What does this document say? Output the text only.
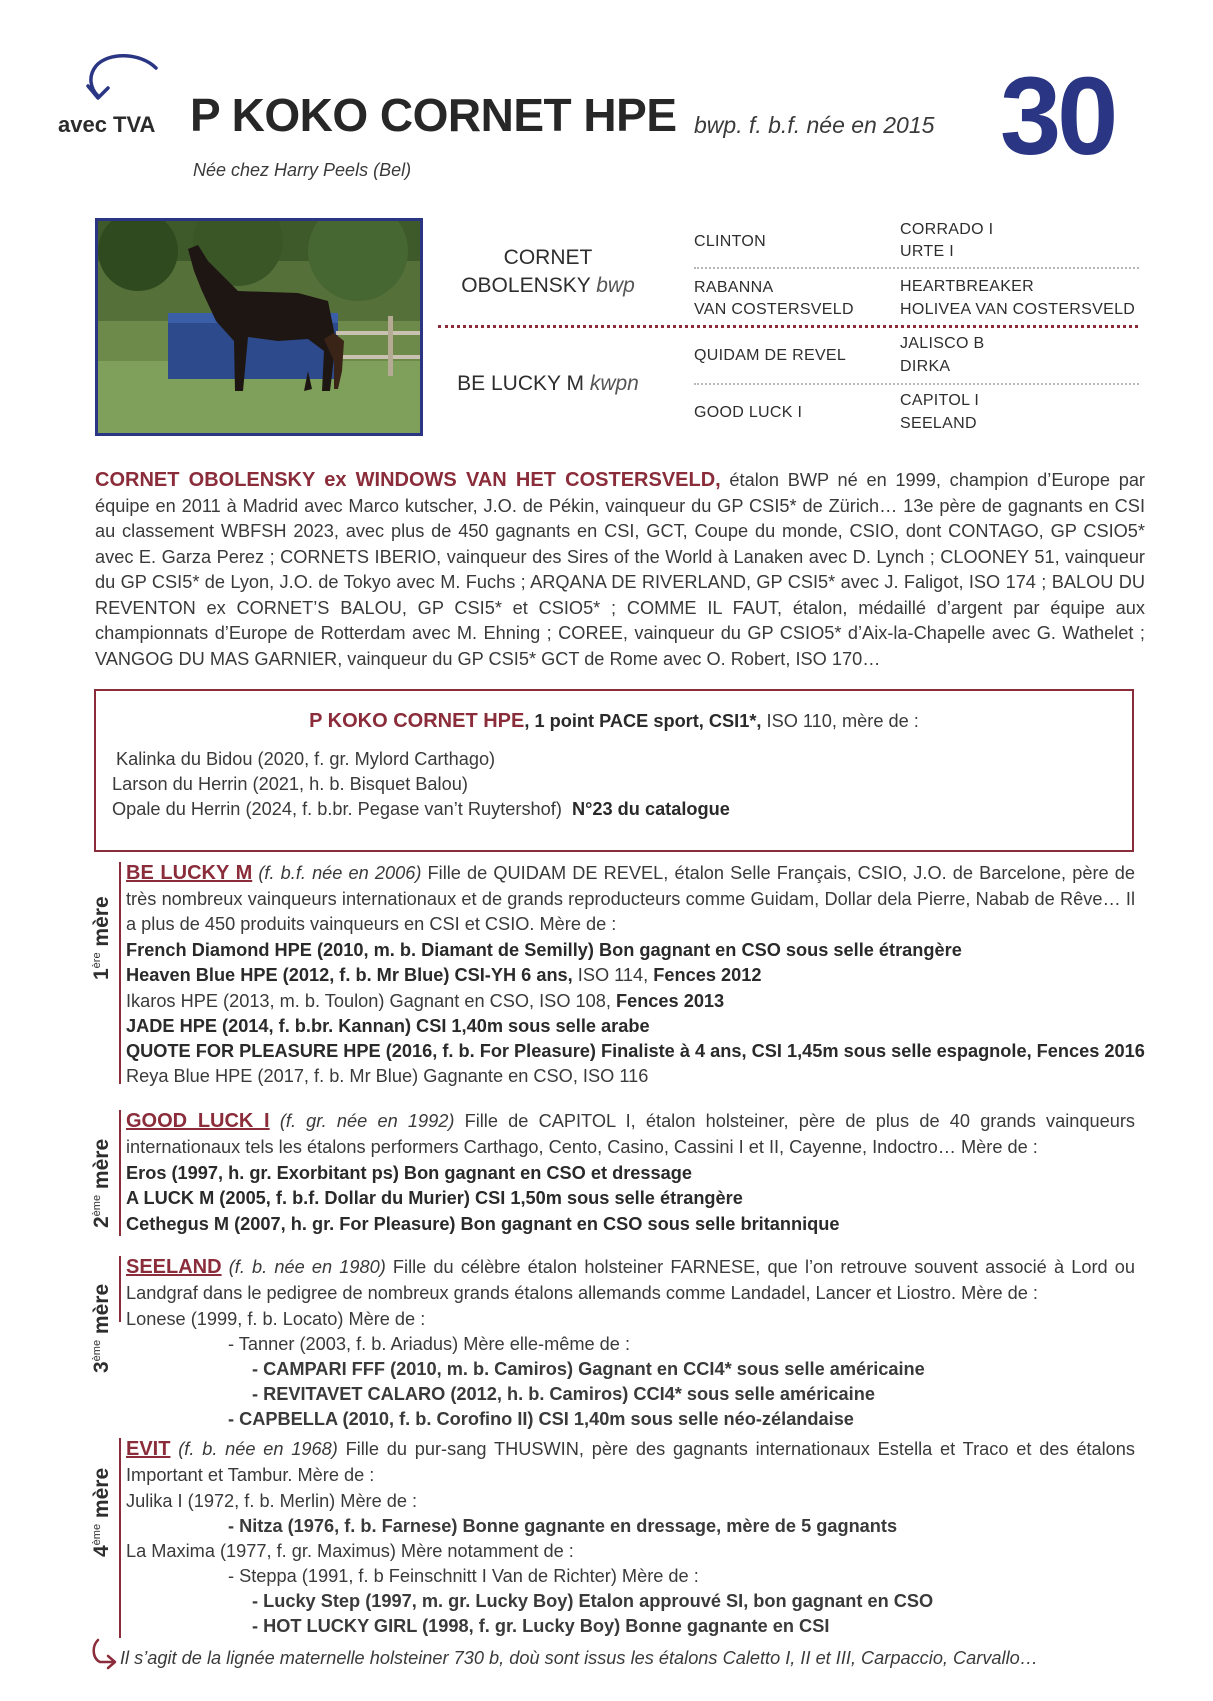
avec TVA P KOKO CORNET HPE bwp. f. b.f. née en 2015 30
Née chez Harry Peels (Bel)
CORNET
OBOLENSKY bwp
BE LUCKY M kwpn
CLINTON
RABANNA
VAN COSTERSVELD
QUIDAM DE REVEL
GOOD LUCK I
CORRADO I
URTE I
HEARTBREAKER
HOLIVEA VAN COSTERSVELD
JALISCO B
DIRKA
CAPITOL I
SEELAND
CORNET OBOLENSKY ex WINDOWS VAN HET COSTERSVELD, étalon BWP né en 1999, champion d’Europe par équipe en 2011 à Madrid avec Marco kutscher, J.O. de Pékin, vainqueur du GP CSI5* de Zürich… 13e père de gagnants en CSI au classement WBFSH 2023, avec plus de 450 gagnants en CSI, GCT, Coupe du monde, CSIO, dont CONTAGO, GP CSIO5* avec E. Garza Perez ; CORNETS IBERIO, vainqueur des Sires of the World à Lanaken avec D. Lynch ; CLOONEY 51, vainqueur du GP CSI5* de Lyon, J.O. de Tokyo avec M. Fuchs ; ARQANA DE RIVERLAND, GP CSI5* avec J. Faligot, ISO 174 ; BALOU DU REVENTON ex CORNET’S BALOU, GP CSI5* et CSIO5* ; COMME IL FAUT, étalon, médaillé d’argent par équipe aux championnats d’Europe de Rotterdam avec M. Ehning ; COREE, vainqueur du GP CSIO5* d’Aix-la-Chapelle avec G. Wathelet ; VANGOG DU MAS GARNIER, vainqueur du GP CSI5* GCT de Rome avec O. Robert, ISO 170…
P KOKO CORNET HPE, 1 point PACE sport, CSI1*, ISO 110, mère de :
Kalinka du Bidou (2020, f. gr. Mylord Carthago)
Larson du Herrin (2021, h. b. Bisquet Balou)
Opale du Herrin (2024, f. b.br. Pegase van’t Ruytershof) N°23 du catalogue
1ère mère
BE LUCKY M (f. b.f. née en 2006) Fille de QUIDAM DE REVEL, étalon Selle Français, CSIO, J.O. de Barcelone, père de très nombreux vainqueurs internationaux et de grands reproducteurs comme Guidam, Dollar dela Pierre, Nabab de Rêve… Il a plus de 450 produits vainqueurs en CSI et CSIO. Mère de :
French Diamond HPE (2010, m. b. Diamant de Semilly) Bon gagnant en CSO sous selle étrangère
Heaven Blue HPE (2012, f. b. Mr Blue) CSI-YH 6 ans, ISO 114, Fences 2012
Ikaros HPE (2013, m. b. Toulon) Gagnant en CSO, ISO 108, Fences 2013
JADE HPE (2014, f. b.br. Kannan) CSI 1,40m sous selle arabe
QUOTE FOR PLEASURE HPE (2016, f. b. For Pleasure) Finaliste à 4 ans, CSI 1,45m sous selle espagnole, Fences 2016
Reya Blue HPE (2017, f. b. Mr Blue) Gagnante en CSO, ISO 116
2ème mère
GOOD LUCK I (f. gr. née en 1992) Fille de CAPITOL I, étalon holsteiner, père de plus de 40 grands vainqueurs internationaux tels les étalons performers Carthago, Cento, Casino, Cassini I et II, Cayenne, Indoctro… Mère de :
Eros (1997, h. gr. Exorbitant ps) Bon gagnant en CSO et dressage
A LUCK M (2005, f. b.f. Dollar du Murier) CSI 1,50m sous selle étrangère
Cethegus M (2007, h. gr. For Pleasure) Bon gagnant en CSO sous selle britannique
3ème mère
SEELAND (f. b. née en 1980) Fille du célèbre étalon holsteiner FARNESE, que l’on retrouve souvent associé à Lord ou Landgraf dans le pedigree de nombreux grands étalons allemands comme Landadel, Lancer et Liostro. Mère de :
Lonese (1999, f. b. Locato) Mère de :
- Tanner (2003, f. b. Ariadus) Mère elle-même de :
- CAMPARI FFF (2010, m. b. Camiros) Gagnant en CCI4* sous selle américaine
- REVITAVET CALARO (2012, h. b. Camiros) CCI4* sous selle américaine
- CAPBELLA (2010, f. b. Corofino II) CSI 1,40m sous selle néo-zélandaise
4ème mère
EVIT (f. b. née en 1968) Fille du pur-sang THUSWIN, père des gagnants internationaux Estella et Traco et des étalons Important et Tambur. Mère de :
Julika I (1972, f. b. Merlin) Mère de :
- Nitza (1976, f. b. Farnese) Bonne gagnante en dressage, mère de 5 gagnants
La Maxima (1977, f. gr. Maximus) Mère notamment de :
- Steppa (1991, f. b Feinschnitt I Van de Richter) Mère de :
- Lucky Step (1997, m. gr. Lucky Boy) Etalon approuvé SI, bon gagnant en CSO
- HOT LUCKY GIRL (1998, f. gr. Lucky Boy) Bonne gagnante en CSI
Il s’agit de la lignée maternelle holsteiner 730 b, doù sont issus les étalons Caletto I, II et III, Carpaccio, Carvallo…
